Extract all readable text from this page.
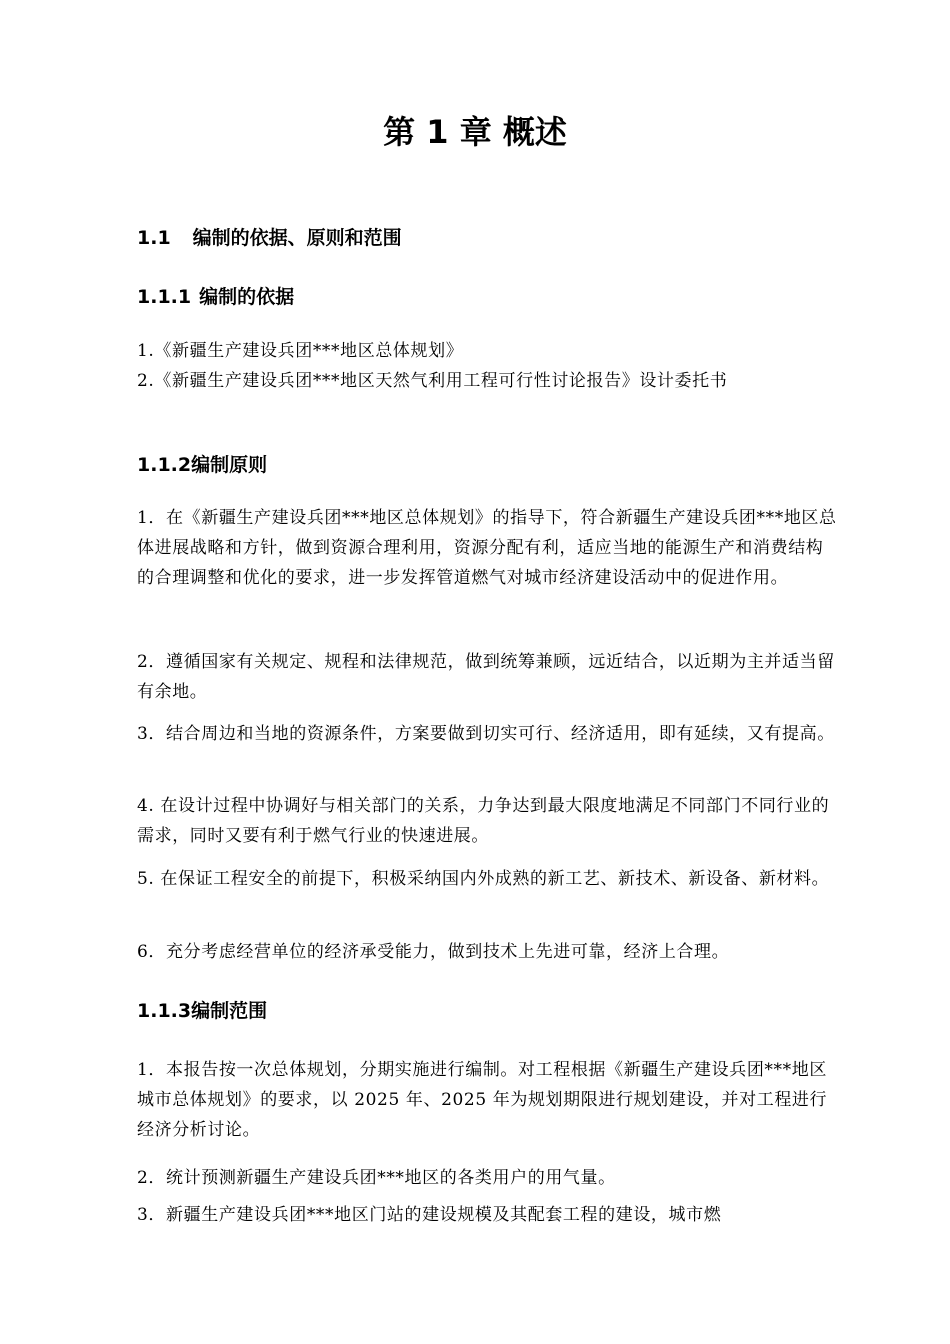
第 1 章 概述
1.1 编制的依据、原则和范围
1.1.1 编制的依据

1.《新疆生产建设兵团***地区总体规划》

2.《新疆生产建设兵团***地区天然气利用工程可行性讨论报告》设计委托书

1.1.2编制原则

1．在《新疆生产建设兵团***地区总体规划》的指导下，符合新疆生产建设兵团***地区总体进展战略和方针，做到资源合理利用，资源分配有利，适应当地的能源生产和消费结构的合理调整和优化的要求，进一步发挥管道燃气对城市经济建设活动中的促进作用。

2．遵循国家有关规定、规程和法律规范，做到统筹兼顾，远近结合，以近期为主并适当留有余地。

3．结合周边和当地的资源条件，方案要做到切实可行、经济适用，即有延续，又有提高。

4. 在设计过程中协调好与相关部门的关系，力争达到最大限度地满足不同部门不同行业的需求，同时又要有利于燃气行业的快速进展。

5. 在保证工程安全的前提下，积极采纳国内外成熟的新工艺、新技术、新设备、新材料。

6．充分考虑经营单位的经济承受能力，做到技术上先进可靠，经济上合理。

1.1.3编制范围

1．本报告按一次总体规划，分期实施进行编制。对工程根据《新疆生产建设兵团***地区城市总体规划》的要求，以 2025 年、2025 年为规划期限进行规划建设，并对工程进行经济分析讨论。

2．统计预测新疆生产建设兵团***地区的各类用户的用气量。

3．新疆生产建设兵团***地区门站的建设规模及其配套工程的建设，城市燃
